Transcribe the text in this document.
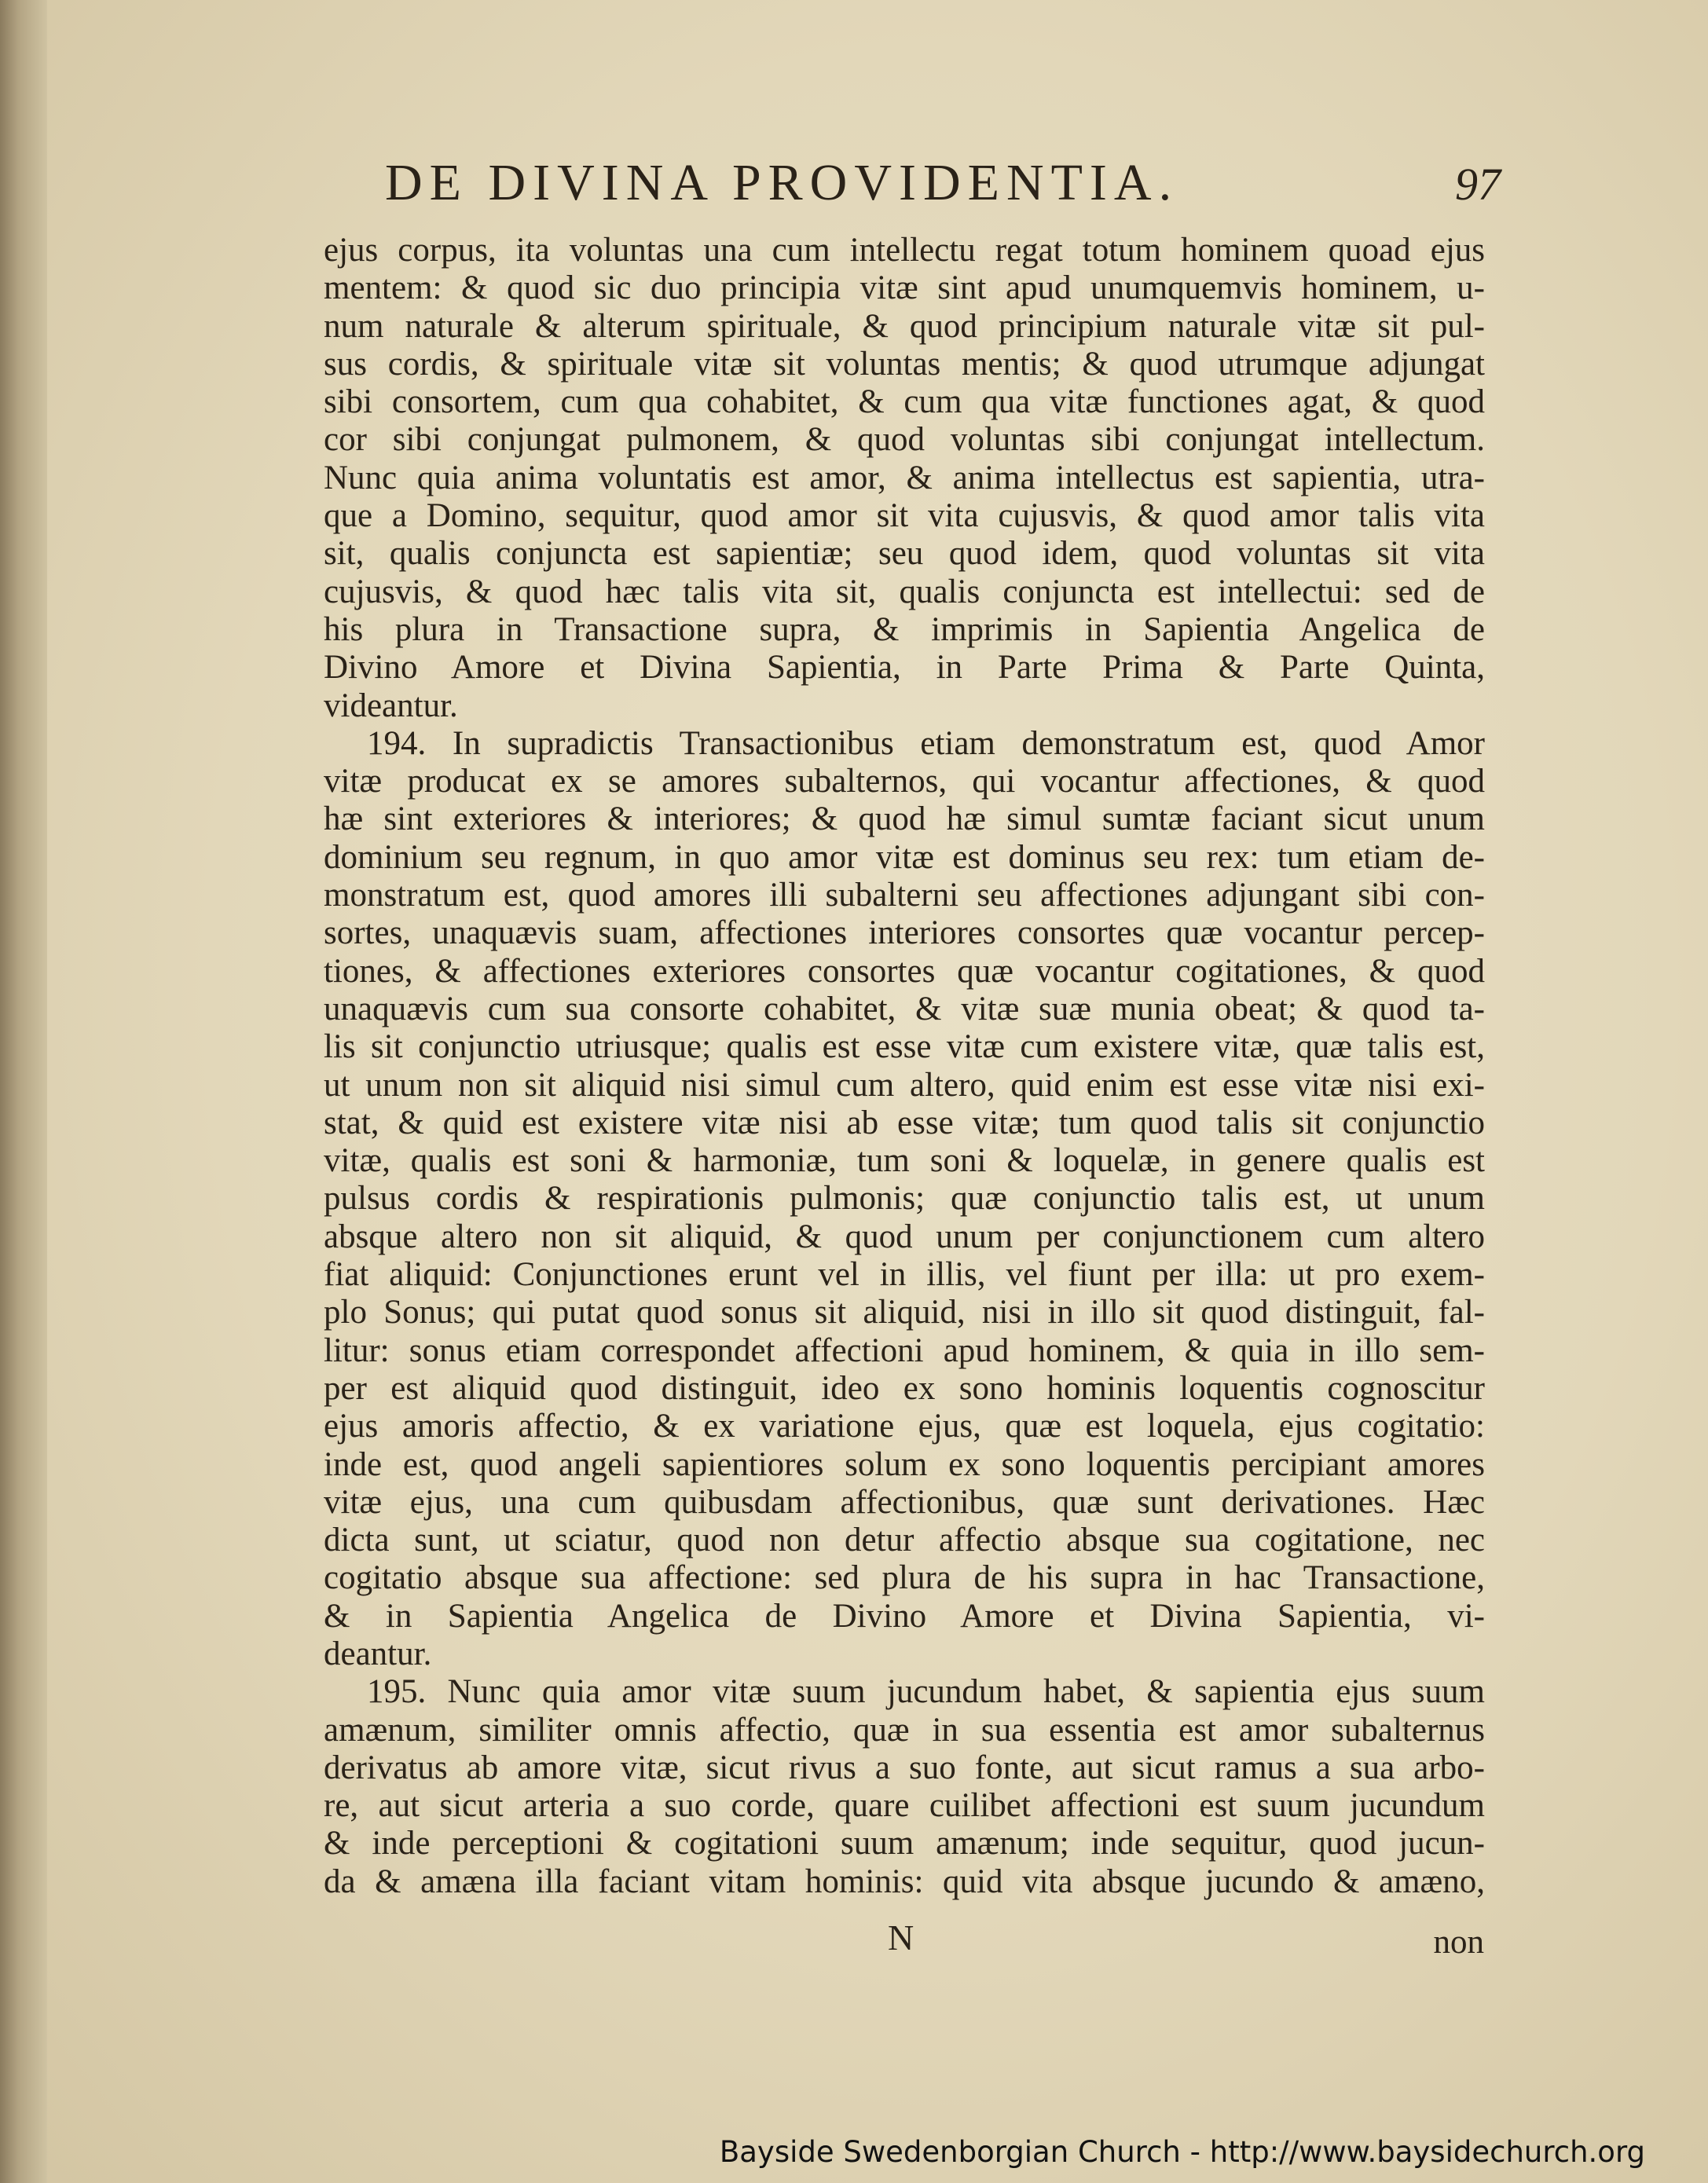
DE DIVINA PROVIDENTIA.	97
ejus corpus, ita voluntas una cum intellectu regat totum hominem quoad ejus
mentem: & quod sic duo principia vitæ sint apud unumquemvis hominem, u-
num naturale & alterum spirituale, & quod principium naturale vitæ sit pul-
sus cordis, & spirituale vitæ sit voluntas mentis; & quod utrumque adjungat
sibi consortem, cum qua cohabitet, & cum qua vitæ functiones agat, & quod
cor sibi conjungat pulmonem, & quod voluntas sibi conjungat intellectum.
Nunc quia anima voluntatis est amor, & anima intellectus est sapientia, utra-
que a Domino, sequitur, quod amor sit vita cujusvis, & quod amor talis vita
sit, qualis conjuncta est sapientiæ; seu quod idem, quod voluntas sit vita
cujusvis, & quod hæc talis vita sit, qualis conjuncta est intellectui: sed de
his plura in Transactione supra, & imprimis in Sapientia Angelica de
Divino Amore et Divina Sapientia, in Parte Prima & Parte Quinta,
videantur.
194. In supradictis Transactionibus etiam demonstratum est, quod Amor
vitæ producat ex se amores subalternos, qui vocantur affectiones, & quod
hæ sint exteriores & interiores; & quod hæ simul sumtæ faciant sicut unum
dominium seu regnum, in quo amor vitæ est dominus seu rex: tum etiam de-
monstratum est, quod amores illi subalterni seu affectiones adjungant sibi con-
sortes, unaquævis suam, affectiones interiores consortes quæ vocantur percep-
tiones, & affectiones exteriores consortes quæ vocantur cogitationes, & quod
unaquævis cum sua consorte cohabitet, & vitæ suæ munia obeat; & quod ta-
lis sit conjunctio utriusque; qualis est esse vitæ cum existere vitæ, quæ talis est,
ut unum non sit aliquid nisi simul cum altero, quid enim est esse vitæ nisi exi-
stat, & quid est existere vitæ nisi ab esse vitæ; tum quod talis sit conjunctio
vitæ, qualis est soni & harmoniæ, tum soni & loquelæ, in genere qualis est
pulsus cordis & respirationis pulmonis; quæ conjunctio talis est, ut unum
absque altero non sit aliquid, & quod unum per conjunctionem cum altero
fiat aliquid: Conjunctiones erunt vel in illis, vel fiunt per illa: ut pro exem-
plo Sonus; qui putat quod sonus sit aliquid, nisi in illo sit quod distinguit, fal-
litur: sonus etiam correspondet affectioni apud hominem, & quia in illo sem-
per est aliquid quod distinguit, ideo ex sono hominis loquentis cognoscitur
ejus amoris affectio, & ex variatione ejus, quæ est loquela, ejus cogitatio:
inde est, quod angeli sapientiores solum ex sono loquentis percipiant amores
vitæ ejus, una cum quibusdam affectionibus, quæ sunt derivationes. Hæc
dicta sunt, ut sciatur, quod non detur affectio absque sua cogitatione, nec
cogitatio absque sua affectione: sed plura de his supra in hac Transactione,
& in Sapientia Angelica de Divino Amore et Divina Sapientia, vi-
deantur.
195. Nunc quia amor vitæ suum jucundum habet, & sapientia ejus suum
amænum, similiter omnis affectio, quæ in sua essentia est amor subalternus
derivatus ab amore vitæ, sicut rivus a suo fonte, aut sicut ramus a sua arbo-
re, aut sicut arteria a suo corde, quare cuilibet affectioni est suum jucundum
& inde perceptioni & cogitationi suum amænum; inde sequitur, quod jucun-
da & amæna illa faciant vitam hominis: quid vita absque jucundo & amæno,
N	non
Bayside Swedenborgian Church - http://www.baysidechurch.org
